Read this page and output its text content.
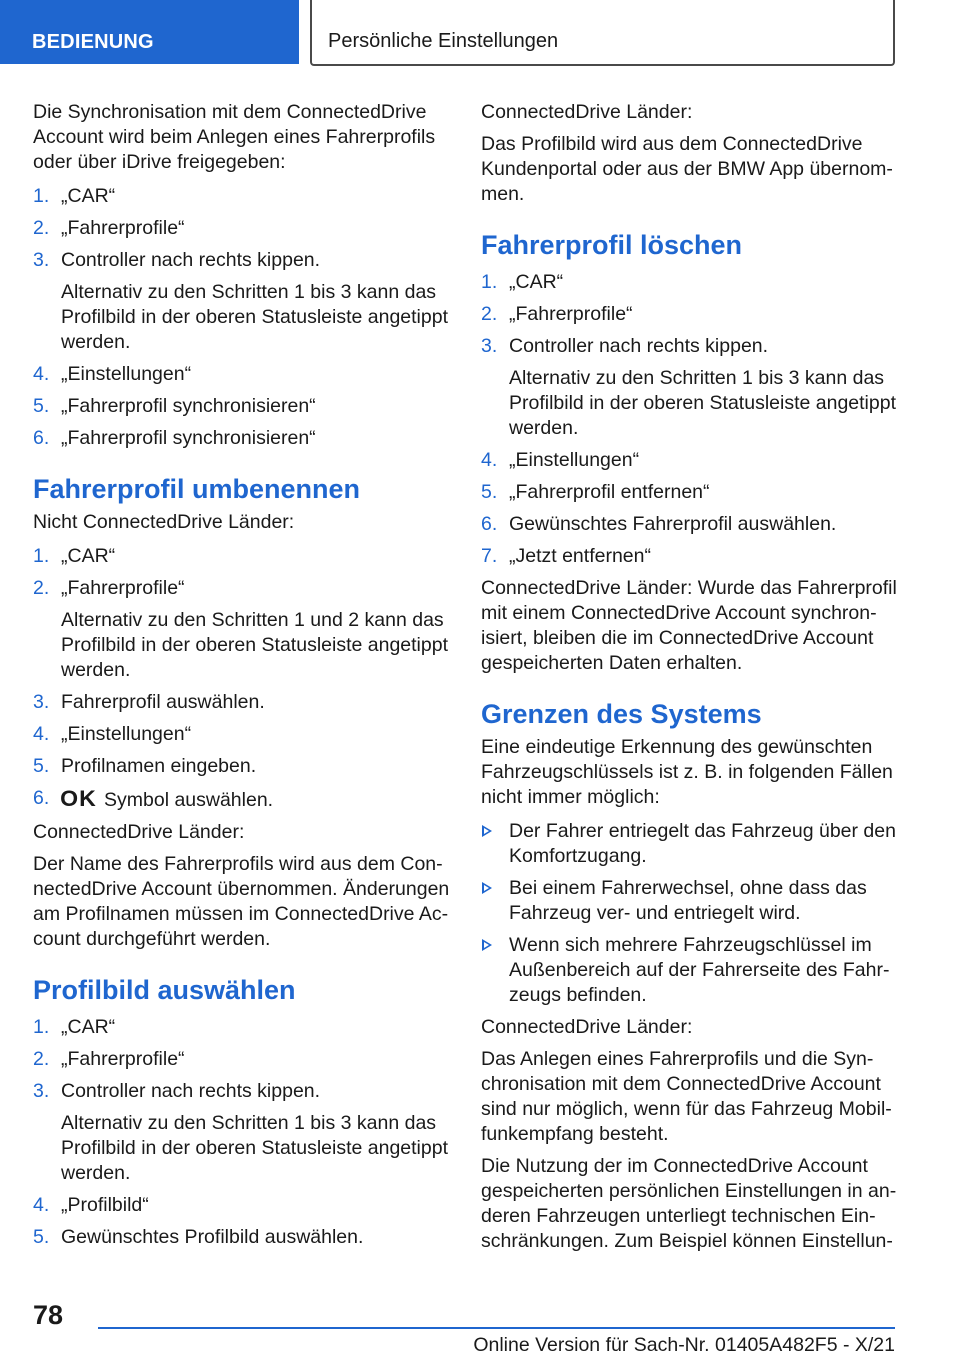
BEDIENUNG	Persönliche Einstellungen

Die Synchronisation mit dem ConnectedDrive Account wird beim Anlegen eines Fahrerprofils oder über iDrive freigegeben:

1. „CAR“
2. „Fahrerprofile“
3. Controller nach rechts kippen.
Alternativ zu den Schritten 1 bis 3 kann das Profilbild in der oberen Statusleiste angetippt werden.
4. „Einstellungen“
5. „Fahrerprofil synchronisieren“
6. „Fahrerprofil synchronisieren“
Fahrerprofil umbenennen

Nicht ConnectedDrive Länder:

1. „CAR“
2. „Fahrerprofile“
Alternativ zu den Schritten 1 und 2 kann das Profilbild in der oberen Statusleiste angetippt werden.
3. Fahrerprofil auswählen.
4. „Einstellungen“
5. Profilnamen eingeben.
6. OK Symbol auswählen.

ConnectedDrive Länder:

Der Name des Fahrerprofils wird aus dem ConnectedDrive Account übernommen. Änderungen am Profilnamen müssen im ConnectedDrive Account durchgeführt werden.

Profilbild auswählen
1. „CAR“
2. „Fahrerprofile“
3. Controller nach rechts kippen.
Alternativ zu den Schritten 1 bis 3 kann das Profilbild in der oberen Statusleiste angetippt werden.
4. „Profilbild“
5. Gewünschtes Profilbild auswählen.

ConnectedDrive Länder:

Das Profilbild wird aus dem ConnectedDrive Kundenportal oder aus der BMW App übernommen.

Fahrerprofil löschen
1. „CAR“
2. „Fahrerprofile“
3. Controller nach rechts kippen.
Alternativ zu den Schritten 1 bis 3 kann das Profilbild in der oberen Statusleiste angetippt werden.
4. „Einstellungen“
5. „Fahrerprofil entfernen“
6. Gewünschtes Fahrerprofil auswählen.
7. „Jetzt entfernen“

ConnectedDrive Länder: Wurde das Fahrerprofil mit einem ConnectedDrive Account synchronisiert, bleiben die im ConnectedDrive Account gespeicherten Daten erhalten.

Grenzen des Systems

Eine eindeutige Erkennung des gewünschten Fahrzeugschlüssels ist z. B. in folgenden Fällen nicht immer möglich:

Der Fahrer entriegelt das Fahrzeug über den Komfortzugang.
Bei einem Fahrerwechsel, ohne dass das Fahrzeug ver- und entriegelt wird.
Wenn sich mehrere Fahrzeugschlüssel im Außenbereich auf der Fahrerseite des Fahrzeugs befinden.

ConnectedDrive Länder:

Das Anlegen eines Fahrerprofils und die Synchronisation mit dem ConnectedDrive Account sind nur möglich, wenn für das Fahrzeug Mobilfunkempfang besteht.

Die Nutzung der im ConnectedDrive Account gespeicherten persönlichen Einstellungen in anderen Fahrzeugen unterliegt technischen Einschränkungen. Zum Beispiel können Einstellun-

78
Online Version für Sach-Nr. 01405A482F5 - X/21
